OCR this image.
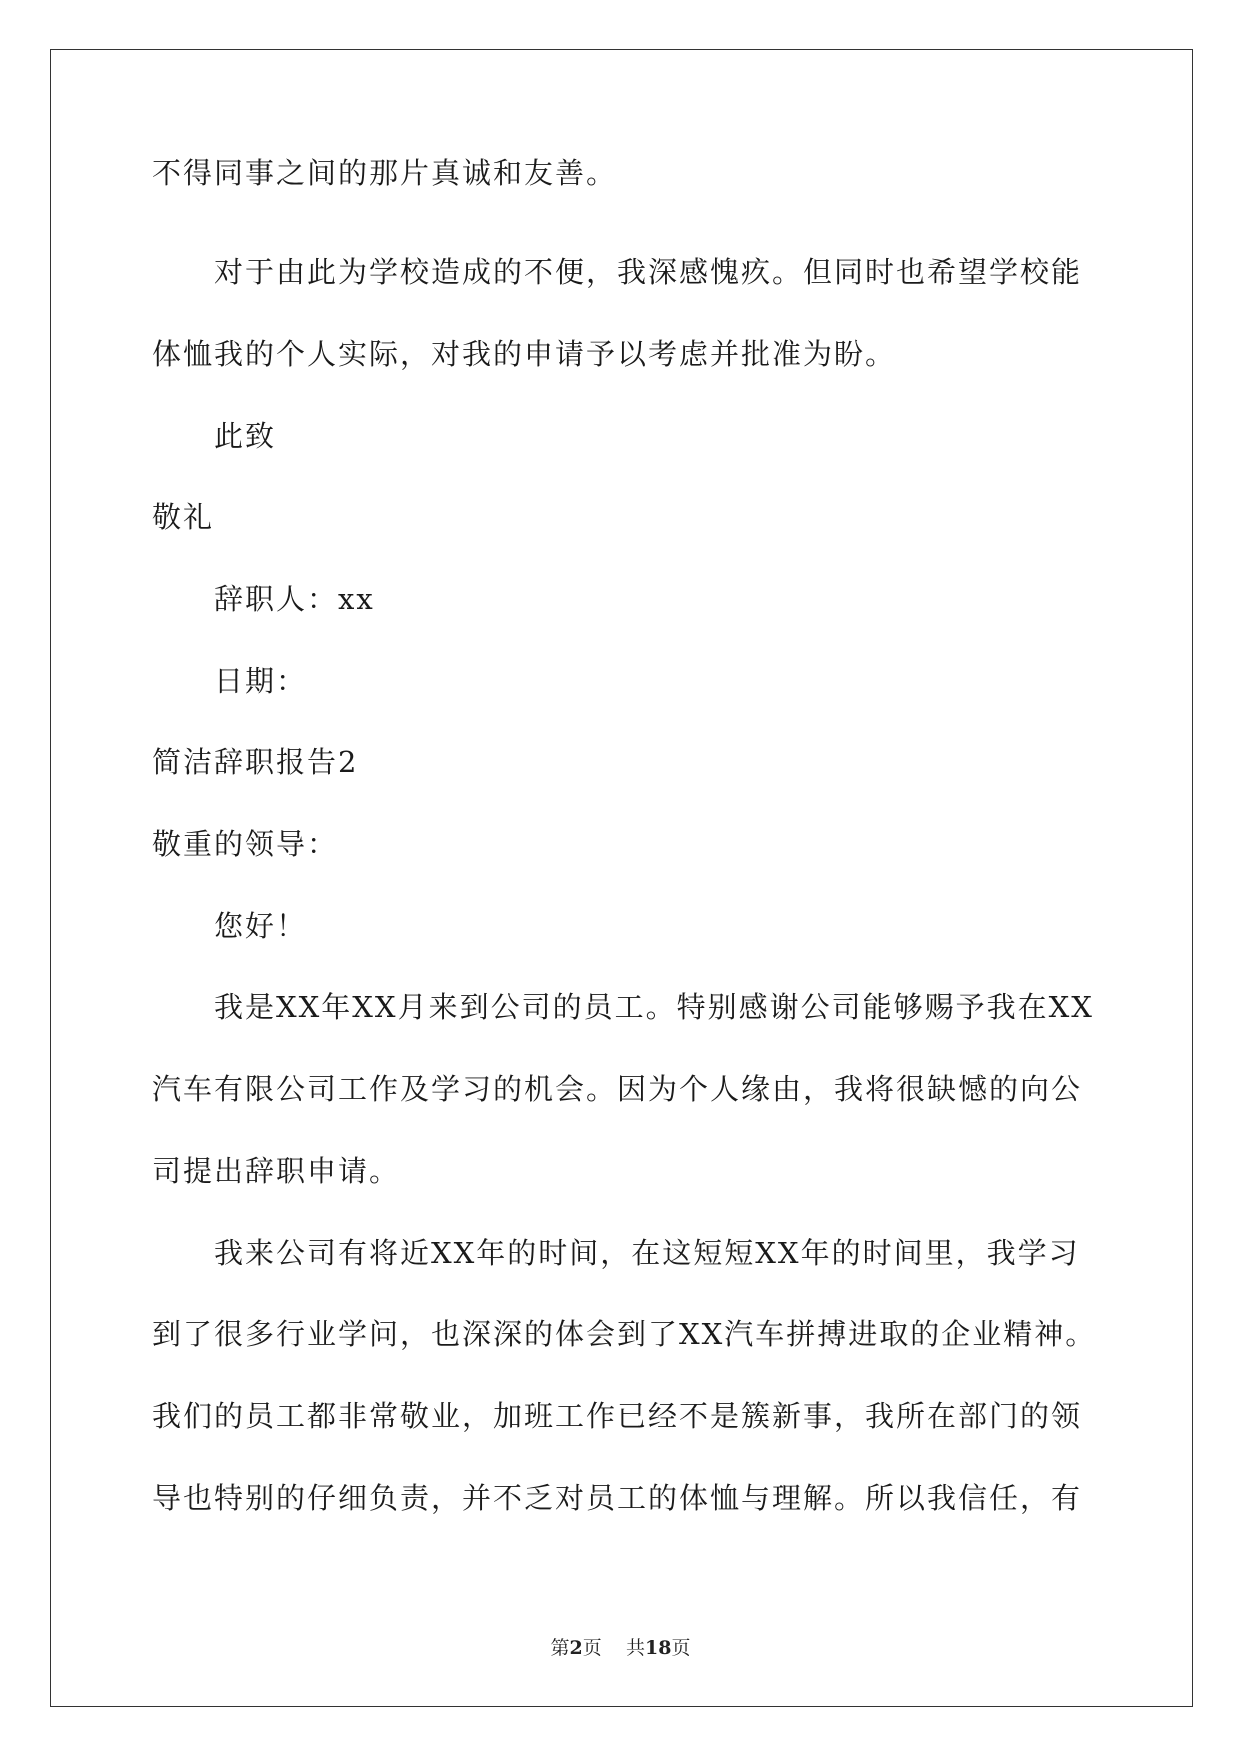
不得同事之间的那片真诚和友善。
对于由此为学校造成的不便，我深感愧疚。但同时也希望学校能
体恤我的个人实际，对我的申请予以考虑并批准为盼。
此致
敬礼
辞职人：xx
日期：
简洁辞职报告2
敬重的领导：
您好！
我是XX年XX月来到公司的员工。特别感谢公司能够赐予我在XX
汽车有限公司工作及学习的机会。因为个人缘由，我将很缺憾的向公
司提出辞职申请。
我来公司有将近XX年的时间，在这短短XX年的时间里，我学习
到了很多行业学问，也深深的体会到了XX汽车拼搏进取的企业精神。
我们的员工都非常敬业，加班工作已经不是簇新事，我所在部门的领
导也特别的仔细负责，并不乏对员工的体恤与理解。所以我信任，有
第2页 共18页
